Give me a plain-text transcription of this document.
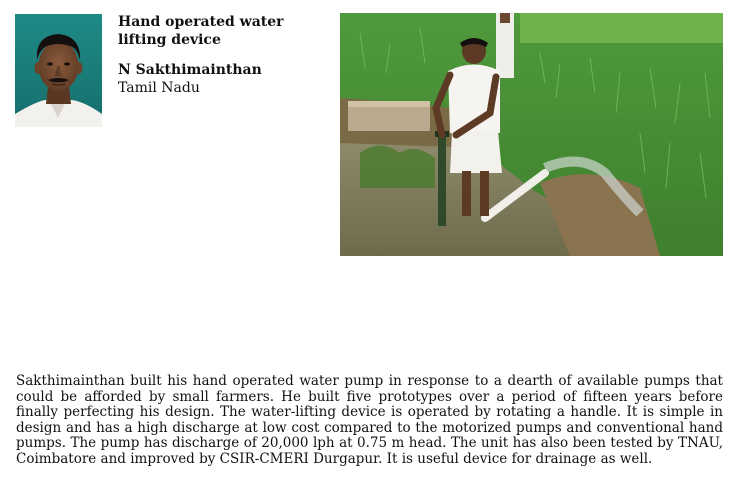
Hand operated water lifting device

N Sakthimainthan

Tamil Nadu

Sakthimainthan built his hand operated water pump in response to a dearth of available pumps that could be afforded by small farmers. He built five prototypes over a period of fifteen years before finally perfecting his design. The water-lifting device is operated by rotating a handle. It is simple in design and has a high discharge at low cost compared to the motorized pumps and conventional hand pumps. The pump has discharge of 20,000 lph at 0.75 m head. The unit has also been tested by TNAU, Coimbatore and improved by CSIR-CMERI Durgapur. It is useful device for drainage as well.
